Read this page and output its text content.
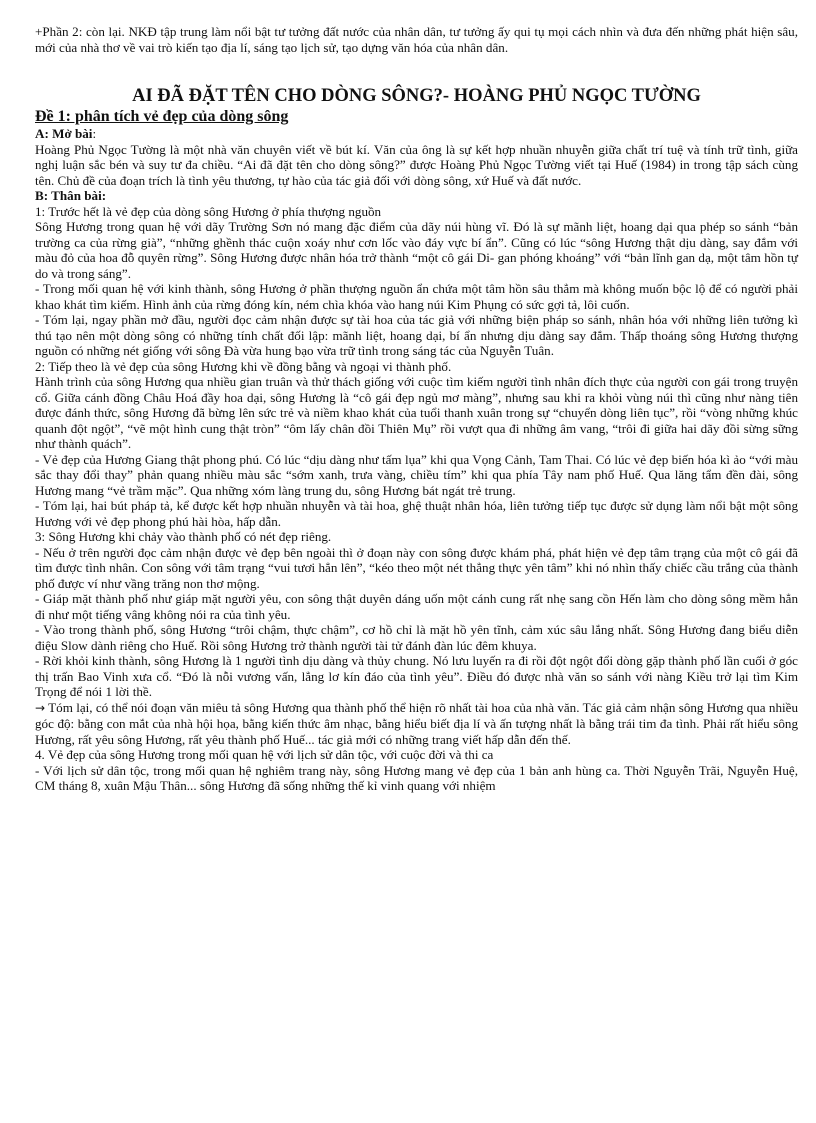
+Phần 2: còn lại. NKĐ tập trung làm nổi bật tư tưởng đất nước của nhân dân, tư tưởng ấy qui tụ mọi cách nhìn và đưa đến những phát hiện sâu, mới của nhà thơ về vai trò kiến tạo địa lí, sáng tạo lịch sử, tạo dựng văn hóa của nhân dân.

AI ĐÃ ĐẶT TÊN CHO DÒNG SÔNG?- HOÀNG PHỦ NGỌC TƯỜNG
Đề 1: phân tích vẻ đẹp của dòng sông

A: Mở bài:

Hoàng Phủ Ngọc Tường là một nhà văn chuyên viết về bút kí. Văn của ông là sự kết hợp nhuần nhuyễn giữa chất trí tuệ và tính trữ tình, giữa nghị luận sắc bén và suy tư đa chiều. “Ai đã đặt tên cho dòng sông?” được Hoàng Phủ Ngọc Tường viết tại Huế (1984) in trong tập sách cùng tên. Chủ đề của đoạn trích là tình yêu thương, tự hào của tác giả đối với dòng sông, xứ Huế và đất nước.

B: Thân bài:

1: Trước hết là vẻ đẹp của dòng sông Hương ở phía thượng nguồn

Sông Hương trong quan hệ với dãy Trường Sơn nó mang đặc điểm của dãy núi hùng vĩ. Đó là sự mãnh liệt, hoang dại qua phép so sánh “bản trường ca của rừng già”, “những ghềnh thác cuộn xoáy như cơn lốc vào đáy vực bí ẩn”. Cũng có lúc “sông Hương thật dịu dàng, say đắm với màu đỏ của hoa đỗ quyên rừng”. Sông Hương được nhân hóa trở thành “một cô gái Di- gan phóng khoáng” với “bản lĩnh gan dạ, một tâm hồn tự do và trong sáng”.

- Trong mối quan hệ với kinh thành, sông Hương ở phần thượng nguồn ẩn chứa một tâm hồn sâu thẳm mà không muốn bộc lộ để có người phải khao khát tìm kiếm. Hình ảnh của rừng đóng kín, ném chìa khóa vào hang núi Kim Phụng có sức gợi tả, lôi cuốn.

- Tóm lại, ngay phần mở đầu, người đọc cảm nhận được sự tài hoa của tác giả với những biện pháp so sánh, nhân hóa với những liên tưởng kì thú tạo nên một dòng sông có những tính chất đối lập: mãnh liệt, hoang dại, bí ẩn nhưng dịu dàng say đắm. Thấp thoáng sông Hương thượng nguồn có những nét giống với sông Đà vừa hung bạo vừa trữ tình trong sáng tác của Nguyễn Tuân.

2: Tiếp theo là vẻ đẹp của sông Hương khi về đồng bằng và ngoại vi thành phố.

Hành trình của sông Hương qua nhiều gian truân và thử thách giống với cuộc tìm kiếm người tình nhân đích thực của người con gái trong truyện cổ. Giữa cánh đồng Châu Hoá đầy hoa dại, sông Hương là “cô gái đẹp ngủ mơ màng”, nhưng sau khi ra khỏi vùng núi thì cũng như nàng tiên được đánh thức, sông Hương đã bừng lên sức trẻ và niềm khao khát của tuổi thanh xuân trong sự “chuyển dòng liên tục”, rồi “vòng những khúc quanh đột ngột”, “vẽ một hình cung thật tròn” “ôm lấy chân đồi Thiên Mụ” rồi vượt qua đi những âm vang, “trôi đi giữa hai dãy đồi sừng sững như thành quách”.

- Vẻ đẹp của Hương Giang thật phong phú. Có lúc “dịu dàng như tấm lụa” khi qua Vọng Cảnh, Tam Thai. Có lúc vẻ đẹp biến hóa kì ảo “với màu sắc thay đổi thay” phản quang nhiều màu sắc “sớm xanh, trưa vàng, chiều tím” khi qua phía Tây nam phố Huế. Qua lăng tẩm đền đài, sông Hương mang “vẻ trầm mặc”. Qua những xóm làng trung du, sông Hương bát ngát trẻ trung.

- Tóm lại, hai bút pháp tả, kể được kết hợp nhuần nhuyễn và tài hoa, ghệ thuật nhân hóa, liên tưởng tiếp tục được sử dụng làm nổi bật một sông Hương với vẻ đẹp phong phú hài hòa, hấp dẫn.

3: Sông Hương khi chảy vào thành phố có nét đẹp riêng.

- Nếu ở trên người đọc cảm nhận được vẻ đẹp bên ngoài thì ở đoạn này con sông được khám phá, phát hiện vẻ đẹp tâm trạng của một cô gái đã tìm được tình nhân. Con sông với tâm trạng “vui tươi hẳn lên”, “kéo theo một nét thẳng thực yên tâm” khi nó nhìn thấy chiếc cầu trắng của thành phố được ví như vầng trăng non thơ mộng.

- Giáp mặt thành phố như giáp mặt người yêu, con sông thật duyên dáng uốn một cánh cung rất nhẹ sang cồn Hến làm cho dòng sông mềm hẳn đi như một tiếng vâng không nói ra của tình yêu.

- Vào trong thành phố, sông Hương “trôi chậm, thực chậm”, cơ hồ chỉ là mặt hồ yên tĩnh, cảm xúc sâu lắng nhất. Sông Hương đang biểu diễn điệu Slow dành riêng cho Huế. Rồi sông Hương trở thành người tài tử đánh đàn lúc đêm khuya.

- Rời khỏi kinh thành, sông Hương là 1 người tình dịu dàng và thủy chung. Nó lưu luyến ra đi rồi đột ngột đổi dòng gặp thành phố lần cuối ở góc thị trấn Bao Vinh xưa cổ. “Đó là nỗi vương vấn, lẳng lơ kín đáo của tình yêu”. Điều đó được nhà văn so sánh với nàng Kiều trở lại tìm Kim Trọng để nói 1 lời thề.

→ Tóm lại, có thể nói đoạn văn miêu tả sông Hương qua thành phố thể hiện rõ nhất tài hoa của nhà văn. Tác giả cảm nhận sông Hương qua nhiều góc độ: bằng con mắt của nhà hội họa, bằng kiến thức âm nhạc, bằng hiểu biết địa lí và ấn tượng nhất là bằng trái tim đa tình. Phải rất hiểu sông Hương, rất yêu sông Hương, rất yêu thành phố Huế... tác giả mới có những trang viết hấp dẫn đến thế.

4. Vẻ đẹp của sông Hương trong mối quan hệ với lịch sử dân tộc, với cuộc đời và thi ca

- Với lịch sử dân tộc, trong mối quan hệ nghiêm trang này, sông Hương mang vẻ đẹp của 1 bản anh hùng ca. Thời Nguyễn Trãi, Nguyễn Huệ, CM tháng 8, xuân Mậu Thân... sông Hương đã sống những thế kỉ vinh quang với nhiệm
